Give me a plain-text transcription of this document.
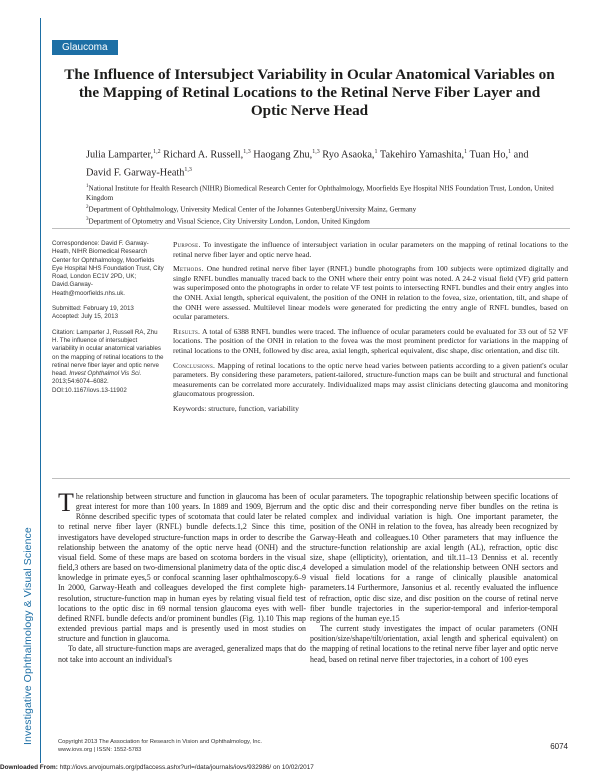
Investigative Ophthalmology & Visual Science
Glaucoma
The Influence of Intersubject Variability in Ocular Anatomical Variables on the Mapping of Retinal Locations to the Retinal Nerve Fiber Layer and Optic Nerve Head
Julia Lamparter,$^{1,2}$ Richard A. Russell,$^{1,3}$ Haogang Zhu,$^{1,3}$ Ryo Asaoka,$^1$ Takehiro Yamashita,$^1$ Tuan Ho,$^1$ and David F. Garway-Heath$^{1,3}$
$^1$National Institute for Health Research (NIHR) Biomedical Research Center for Ophthalmology, Moorfields Eye Hospital NHS Foundation Trust, London, United Kingdom
$^2$Department of Ophthalmology, University Medical Center of the Johannes GutenbergUniversity Mainz, Germany
$^3$Department of Optometry and Visual Science, City University London, London, United Kingdom

Correspondence: David F. Garway-Heath, NIHR Biomedical Research Center for Ophthalmology, Moorfields Eye Hospital NHS Foundation Trust, City Road, London EC1V 2PD, UK; David.Garway-Heath@moorfields.nhs.uk.

Submitted: February 19, 2013
Accepted: July 15, 2013

Citation: Lamparter J, Russell RA, Zhu H. The influence of intersubject variability in ocular anatomical variables on the mapping of retinal locations to the retinal nerve fiber layer and optic nerve head. Invest Ophthalmol Vis Sci. 2013;54:6074–6082. DOI:10.1167/iovs.13-11902

Purpose. To investigate the influence of intersubject variation in ocular parameters on the mapping of retinal locations to the retinal nerve fiber layer and optic nerve head.

Methods. One hundred retinal nerve fiber layer (RNFL) bundle photographs from 100 subjects were optimized digitally and single RNFL bundles manually traced back to the ONH where their entry point was noted. A 24-2 visual field (VF) grid pattern was superimposed onto the photographs in order to relate VF test points to intersecting RNFL bundles and their entry angles into the ONH. Axial length, spherical equivalent, the position of the ONH in relation to the fovea, size, orientation, tilt, and shape of the ONH were assessed. Multilevel linear models were generated for predicting the entry angle of RNFL bundles, based on ocular parameters.

Results. A total of 6388 RNFL bundles were traced. The influence of ocular parameters could be evaluated for 33 out of 52 VF locations. The position of the ONH in relation to the fovea was the most prominent predictor for variations in the mapping of retinal locations to the ONH, followed by disc area, axial length, spherical equivalent, disc shape, disc orientation, and disc tilt.

Conclusions. Mapping of retinal locations to the optic nerve head varies between patients according to a given patient's ocular parameters. By considering these parameters, patient-tailored, structure-function maps can be built and structural and functional measurements can be correlated more accurately. Individualized maps may assist clinicians detecting glaucoma and monitoring glaucomatous progression.

Keywords: structure, function, variability

The relationship between structure and function in glaucoma has been of great interest for more than 100 years. In 1889 and 1909, Bjerrum and Rönne described specific types of scotomata that could later be related to retinal nerve fiber layer (RNFL) bundle defects.1,2 Since this time, investigators have developed structure-function maps in order to describe the relationship between the anatomy of the optic nerve head (ONH) and the visual field. Some of these maps are based on scotoma borders in the visual field,3 others are based on two-dimensional planimetry data of the optic disc,4 knowledge in primate eyes,5 or confocal scanning laser ophthalmoscopy.6–9 In 2000, Garway-Heath and colleagues developed the first complete high-resolution, structure-function map in human eyes by relating visual field test locations to the optic disc in 69 normal tension glaucoma eyes with well-defined RNFL bundle defects and/or prominent bundles (Fig. 1).10 This map extended previous partial maps and is presently used in most studies on structure and function in glaucoma.

To date, all structure-function maps are averaged, generalized maps that do not take into account an individual's

ocular parameters. The topographic relationship between specific locations of the optic disc and their corresponding nerve fiber bundles on the retina is complex and individual variation is high. One important parameter, the position of the ONH in relation to the fovea, has already been recognized by Garway-Heath and colleagues.10 Other parameters that may influence the structure-function relationship are axial length (AL), refraction, optic disc size, shape (ellipticity), orientation, and tilt.11–13 Denniss et al. recently developed a simulation model of the relationship between ONH sectors and visual field locations for a range of clinically plausible anatomical parameters.14 Furthermore, Jansonius et al. recently evaluated the influence of refraction, optic disc size, and disc position on the course of retinal nerve fiber bundle trajectories in the superior-temporal and inferior-temporal regions of the human eye.15

The current study investigates the impact of ocular parameters (ONH position/size/shape/tilt/orientation, axial length and spherical equivalent) on the mapping of retinal locations to the retinal nerve fiber layer and optic nerve head, based on retinal nerve fiber trajectories, in a cohort of 100 eyes

Copyright 2013 The Association for Research in Vision and Ophthalmology, Inc.
www.iovs.org | ISSN: 1552-5783	6074
Downloaded From: http://iovs.arvojournals.org/pdfaccess.ashx?url=/data/journals/iovs/932986/ on 10/02/2017
